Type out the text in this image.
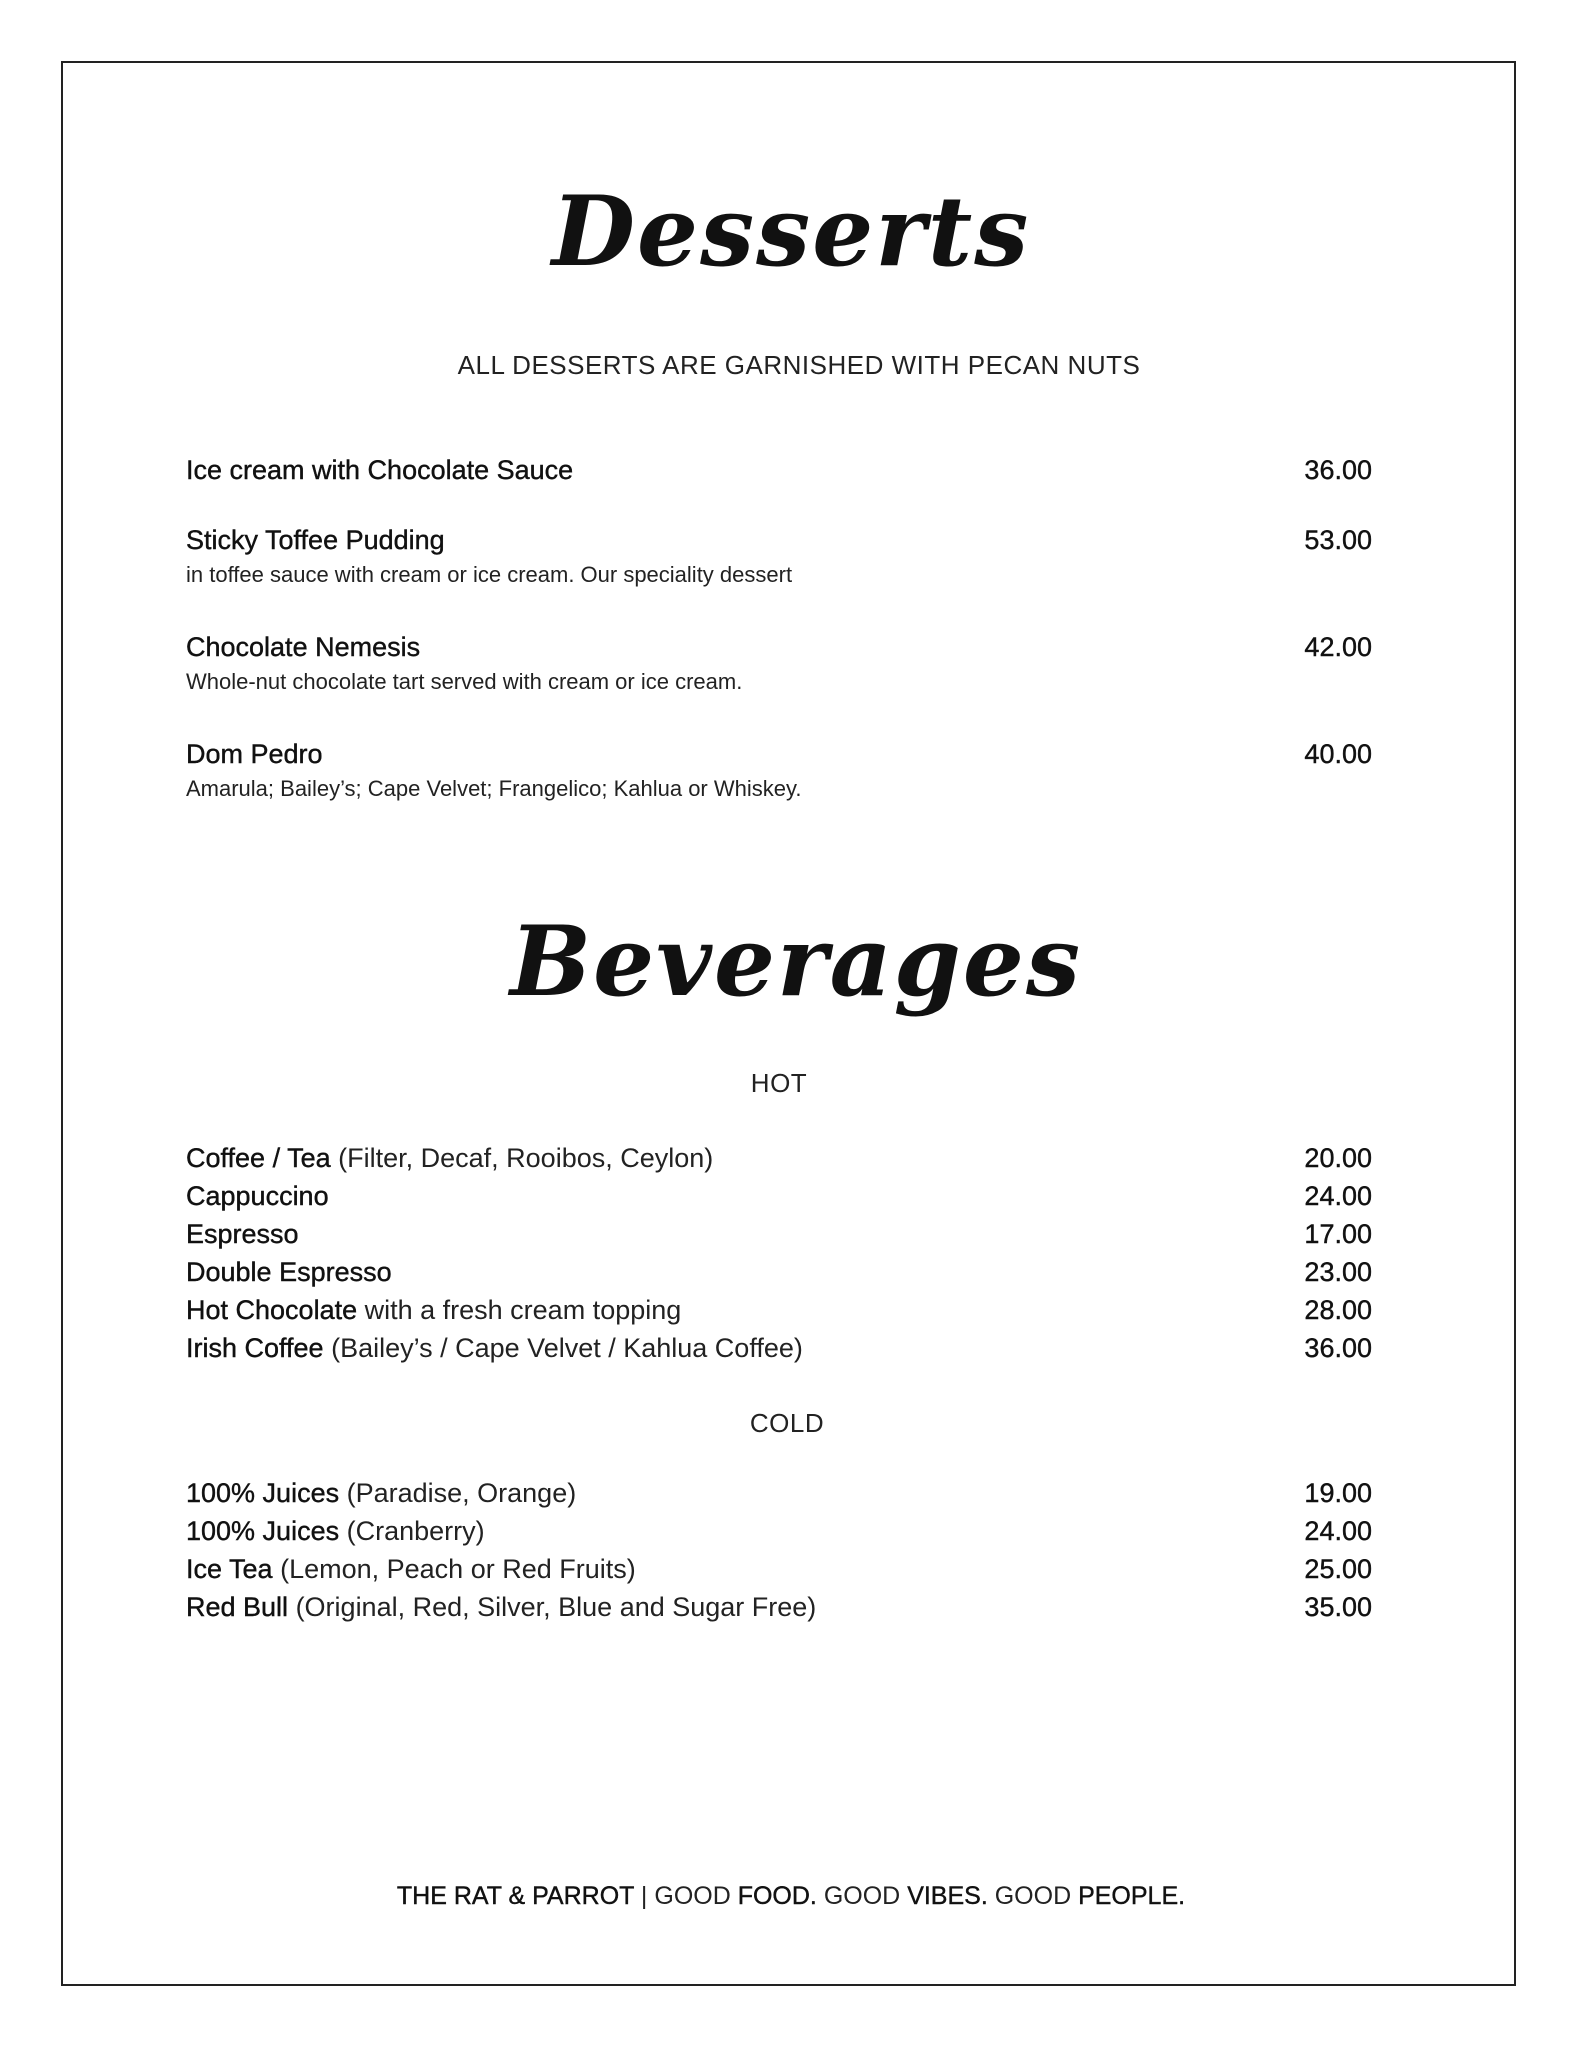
Desserts
ALL DESSERTS ARE GARNISHED WITH PECAN NUTS
Ice cream with Chocolate Sauce	36.00
Sticky Toffee Pudding	53.00
in toffee sauce with cream or ice cream. Our speciality dessert
Chocolate Nemesis	42.00
Whole-nut chocolate tart served with cream or ice cream.
Dom Pedro	40.00
Amarula; Bailey’s; Cape Velvet; Frangelico; Kahlua or Whiskey.
Beverages
HOT
Coffee / Tea (Filter, Decaf, Rooibos, Ceylon)	20.00
Cappuccino	24.00
Espresso	17.00
Double Espresso	23.00
Hot Chocolate with a fresh cream topping	28.00
Irish Coffee (Bailey’s / Cape Velvet / Kahlua Coffee)	36.00
COLD
100% Juices (Paradise, Orange)	19.00
100% Juices (Cranberry)	24.00
Ice Tea (Lemon, Peach or Red Fruits)	25.00
Red Bull (Original, Red, Silver, Blue and Sugar Free)	35.00
THE RAT & PARROT | GOOD FOOD. GOOD VIBES. GOOD PEOPLE.
